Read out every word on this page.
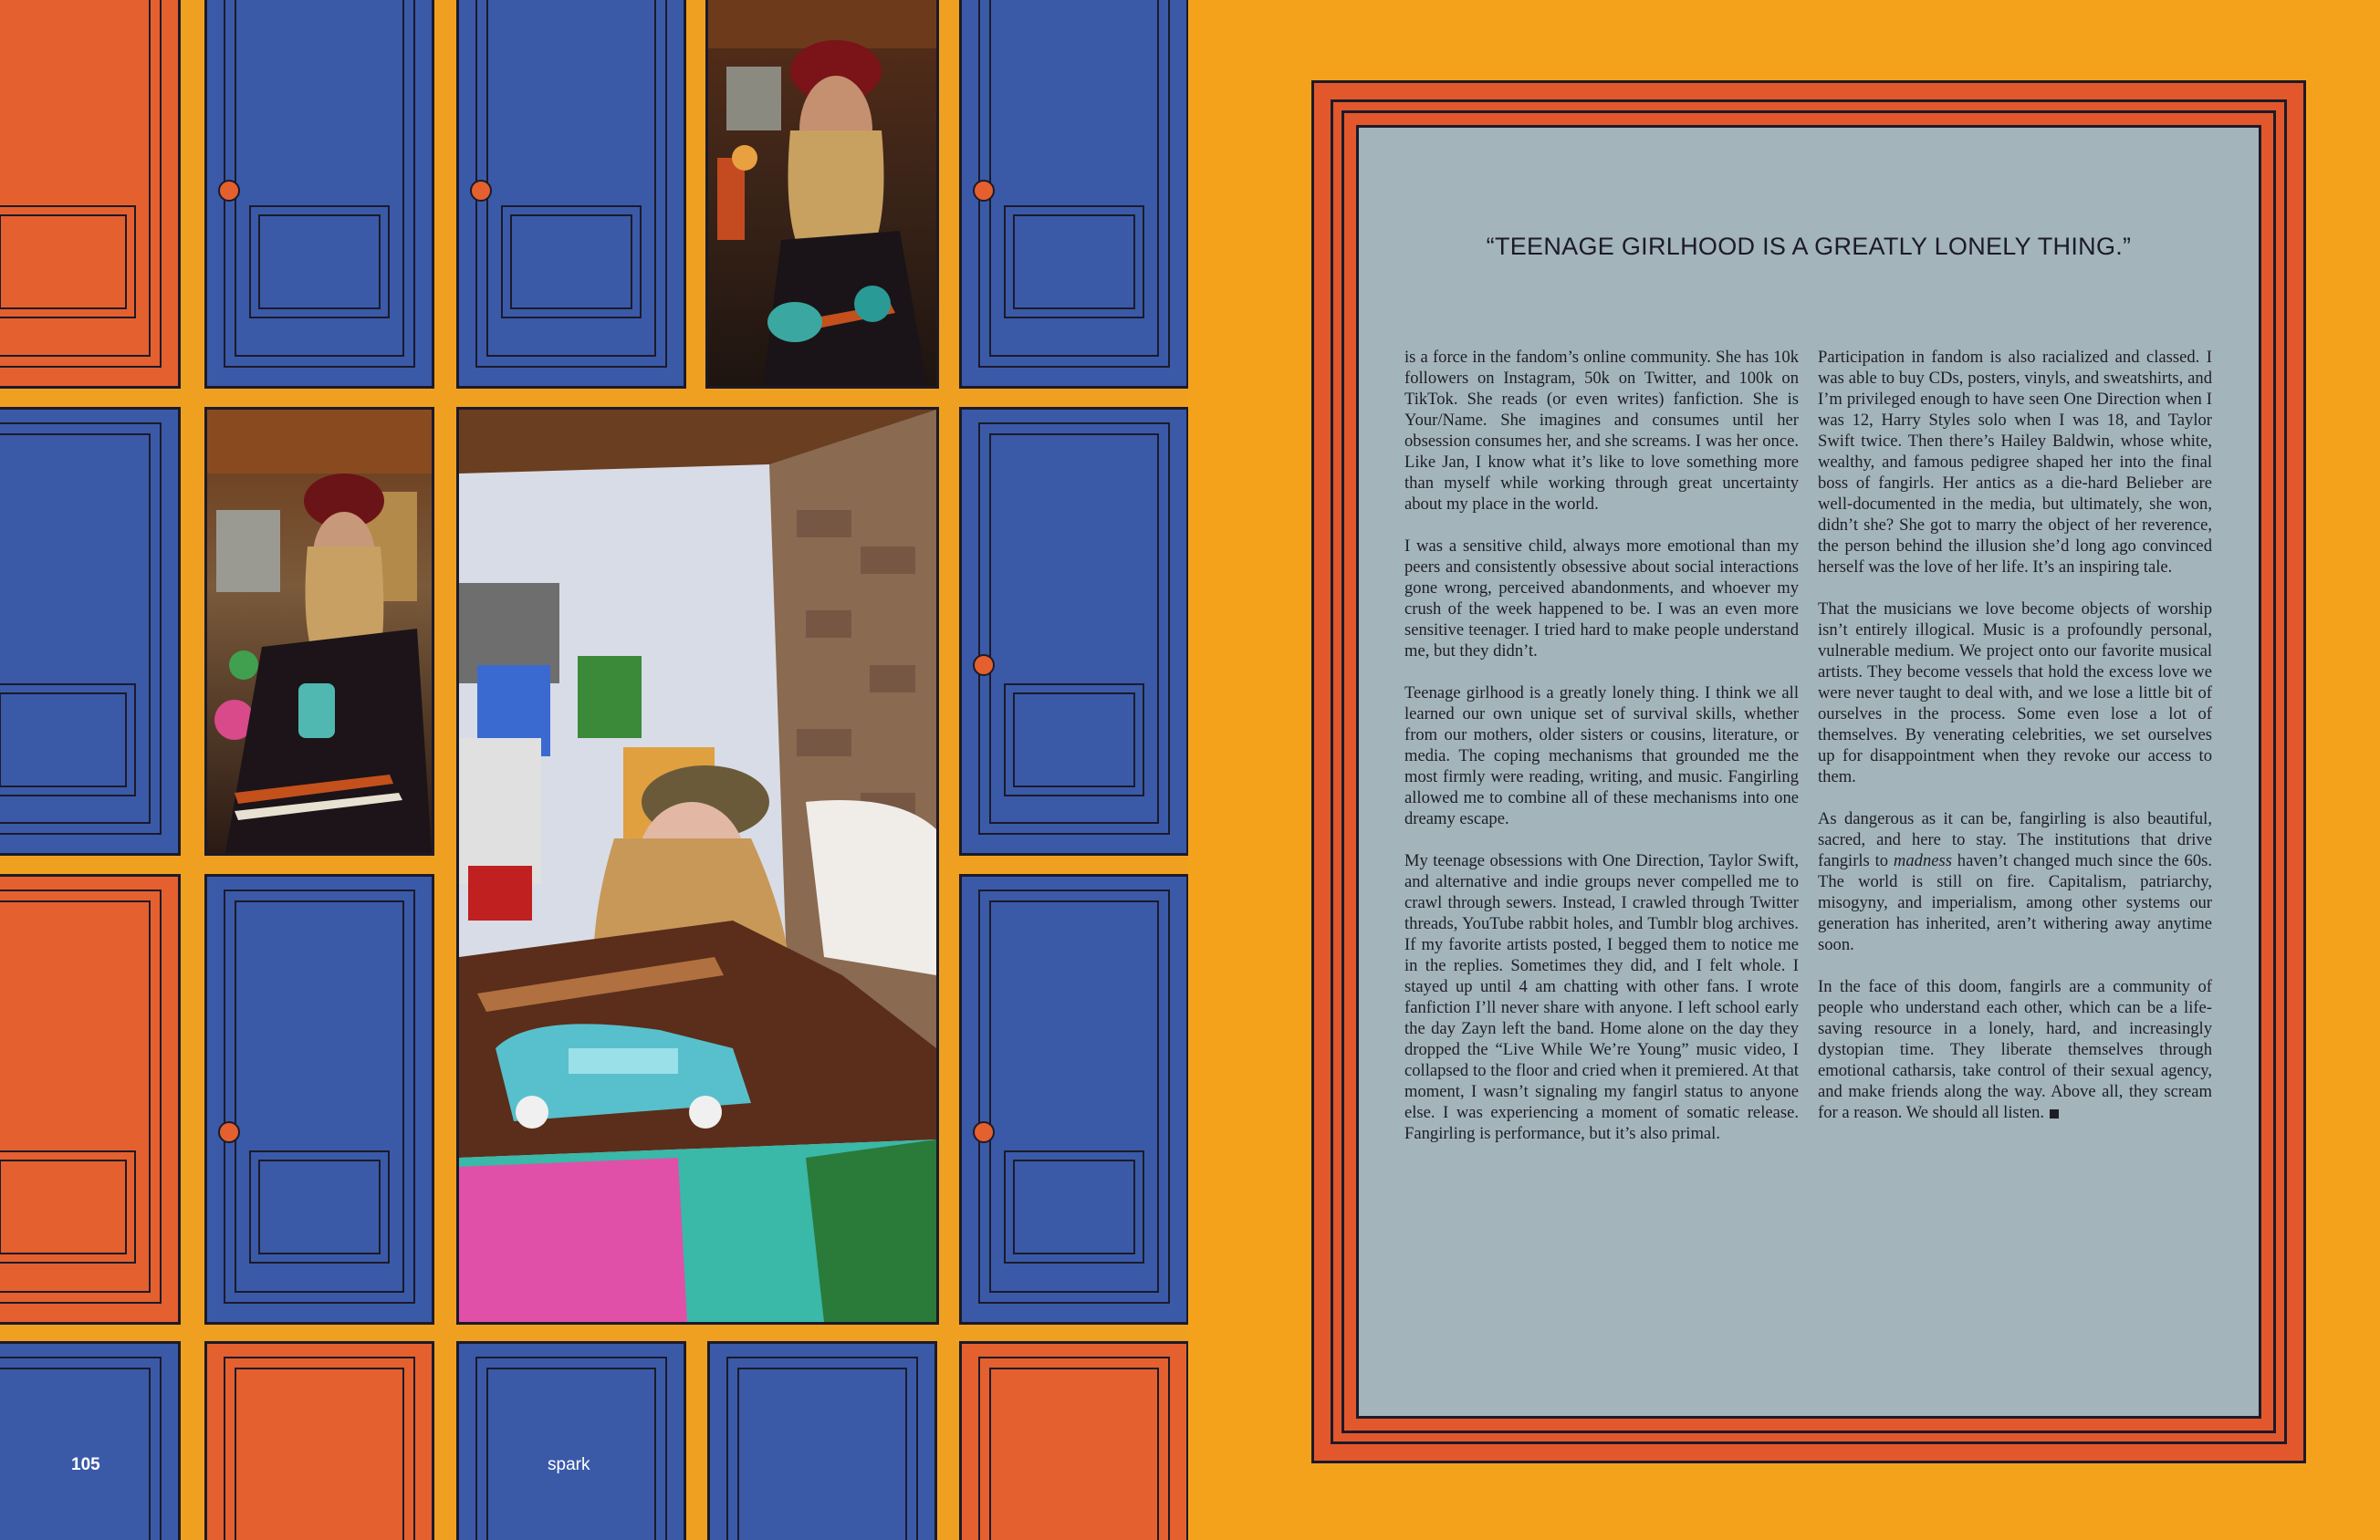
105	spark
“TEENAGE GIRLHOOD IS A GREATLY LONELY THING.”

is a force in the fandom’s online community. She has 10k followers on Instagram, 50k on Twitter, and 100k on TikTok. She reads (or even writes) fanfiction. She is Your/Name. She imagines and consumes until her obsession consumes her, and she screams. I was her once. Like Jan, I know what it’s like to love something more than myself while working through great uncertainty about my place in the world.

I was a sensitive child, always more emotional than my peers and consistently obsessive about social interactions gone wrong, perceived abandonments, and whoever my crush of the week happened to be. I was an even more sensitive teenager. I tried hard to make people understand me, but they didn’t.

Teenage girlhood is a greatly lonely thing. I think we all learned our own unique set of survival skills, whether from our mothers, older sisters or cousins, literature, or media. The coping mechanisms that grounded me the most firmly were reading, writing, and music. Fangirling allowed me to combine all of these mechanisms into one dreamy escape.

My teenage obsessions with One Direction, Taylor Swift, and alternative and indie groups never compelled me to crawl through sewers. Instead, I crawled through Twitter threads, YouTube rabbit holes, and Tumblr blog archives. If my favorite artists posted, I begged them to notice me in the replies. Sometimes they did, and I felt whole. I stayed up until 4 am chatting with other fans. I wrote fanfiction I’ll never share with anyone. I left school early the day Zayn left the band. Home alone on the day they dropped the “Live While We’re Young” music video, I collapsed to the floor and cried when it premiered. At that moment, I wasn’t signaling my fangirl status to anyone else. I was experiencing a moment of somatic release. Fangirling is performance, but it’s also primal.

Participation in fandom is also racialized and classed. I was able to buy CDs, posters, vinyls, and sweatshirts, and I’m privileged enough to have seen One Direction when I was 12, Harry Styles solo when I was 18, and Taylor Swift twice. Then there’s Hailey Baldwin, whose white, wealthy, and famous pedigree shaped her into the final boss of fangirls. Her antics as a die-hard Belieber are well-documented in the media, but ultimately, she won, didn’t she? She got to marry the object of her reverence, the person behind the illusion she’d long ago convinced herself was the love of her life. It’s an inspiring tale.

That the musicians we love become objects of worship isn’t entirely illogical. Music is a profoundly personal, vulnerable medium. We project onto our favorite musical artists. They become vessels that hold the excess love we were never taught to deal with, and we lose a little bit of ourselves in the process. Some even lose a lot of themselves. By venerating celebrities, we set ourselves up for disappointment when they revoke our access to them.

As dangerous as it can be, fangirling is also beautiful, sacred, and here to stay. The institutions that drive fangirls to madness haven’t changed much since the 60s. The world is still on fire. Capitalism, patriarchy, misogyny, and imperialism, among other systems our generation has inherited, aren’t withering away anytime soon.

In the face of this doom, fangirls are a community of people who understand each other, which can be a life-saving resource in a lonely, hard, and increasingly dystopian time. They liberate themselves through emotional catharsis, take control of their sexual agency, and make friends along the way. Above all, they scream for a reason. We should all listen.
